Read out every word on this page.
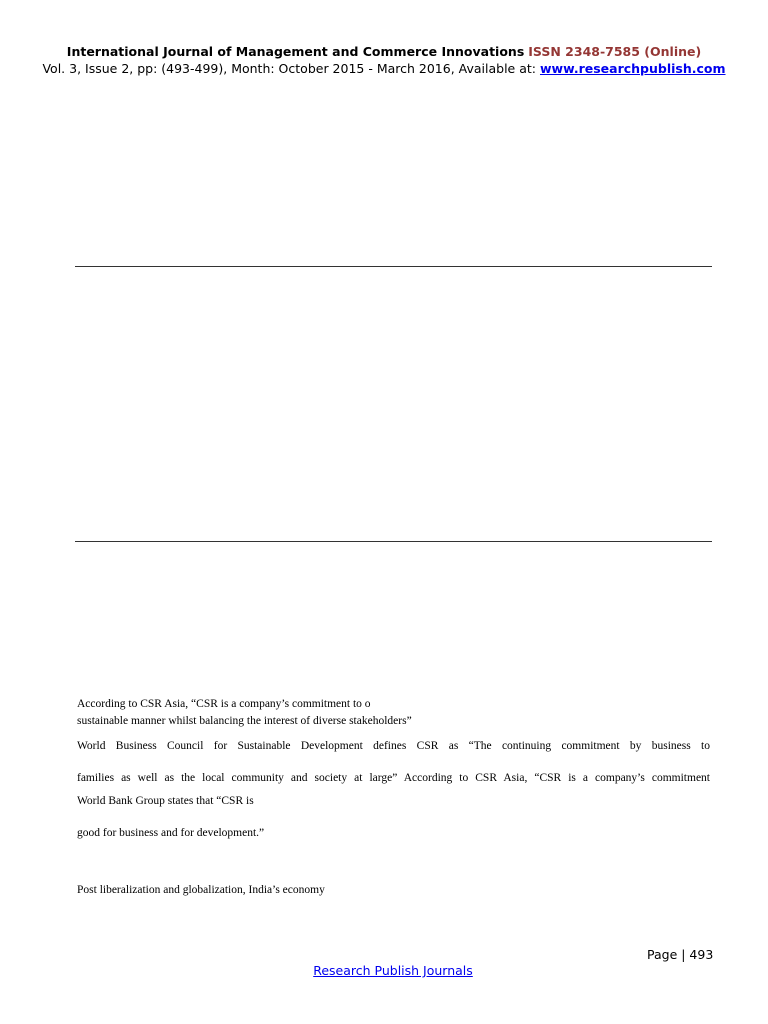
International Journal of Management and Commerce Innovations ISSN 2348-7585 (Online)
Vol. 3, Issue 2, pp: (493-499), Month: October 2015 - March 2016, Available at: www.researchpublish.com
According to CSR Asia, “CSR is a company’s commitment to o
sustainable manner whilst balancing the interest of diverse stakeholders”
World Business Council for Sustainable Development defines CSR as “The continuing commitment by business to
families as well as the local community and society at large” According to CSR Asia, “CSR is a company’s commitment
World Bank Group states that “CSR is
good for business and for development.”
Post liberalization and globalization, India’s economy
Page | 493
Research Publish Journals
